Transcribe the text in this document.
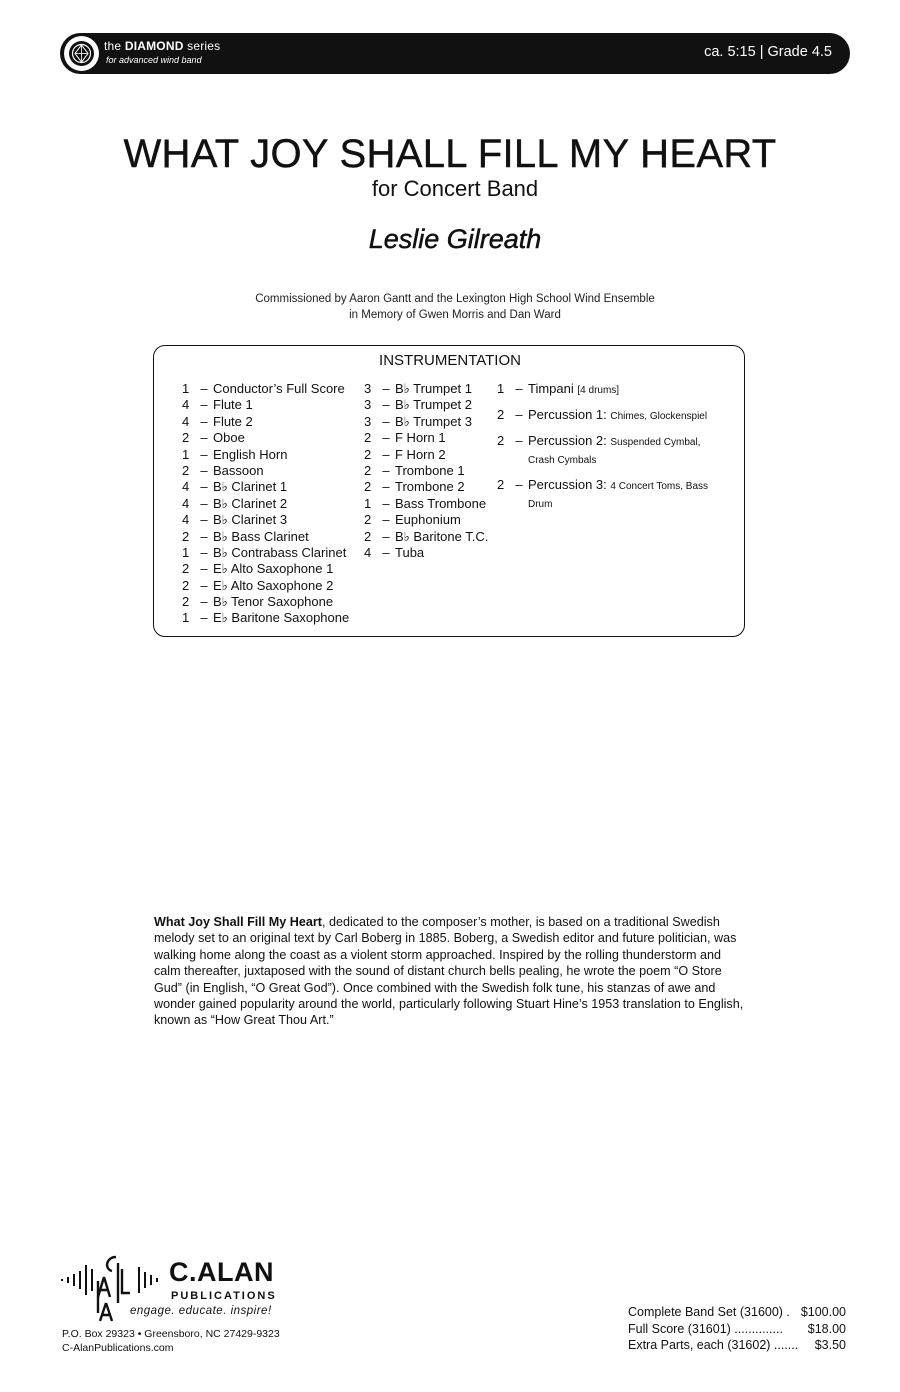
the DIAMOND series
for advanced wind band	ca. 5:15 | Grade 4.5
WHAT JOY SHALL FILL MY HEART
for Concert Band
Leslie Gilreath
Commissioned by Aaron Gantt and the Lexington High School Wind Ensemble
in Memory of Gwen Morris and Dan Ward
INSTRUMENTATION
1 – Conductor’s Full Score
4 – Flute 1
4 – Flute 2
2 – Oboe
1 – English Horn
2 – Bassoon
4 – B♭ Clarinet 1
4 – B♭ Clarinet 2
4 – B♭ Clarinet 3
2 – B♭ Bass Clarinet
1 – B♭ Contrabass Clarinet
2 – E♭ Alto Saxophone 1
2 – E♭ Alto Saxophone 2
2 – B♭ Tenor Saxophone
1 – E♭ Baritone Saxophone
3 – B♭ Trumpet 1
3 – B♭ Trumpet 2
3 – B♭ Trumpet 3
2 – F Horn 1
2 – F Horn 2
2 – Trombone 1
2 – Trombone 2
1 – Bass Trombone
2 – Euphonium
2 – B♭ Baritone T.C.
4 – Tuba
1 – Timpani [4 drums]
2 – Percussion 1: Chimes, Glockenspiel
2 – Percussion 2: Suspended Cymbal, Crash Cymbals
2 – Percussion 3: 4 Concert Toms, Bass Drum

What Joy Shall Fill My Heart, dedicated to the composer’s mother, is based on a traditional Swedish melody set to an original text by Carl Boberg in 1885. Boberg, a Swedish editor and future politician, was walking home along the coast as a violent storm approached. Inspired by the rolling thunderstorm and calm thereafter, juxtaposed with the sound of distant church bells pealing, he wrote the poem “O Store Gud” (in English, “O Great God”). Once combined with the Swedish folk tune, his stanzas of awe and wonder gained popularity around the world, particularly following Stuart Hine’s 1953 translation to English, known as “How Great Thou Art.”

C.ALAN
PUBLICATIONS
engage. educate. inspire!
P.O. Box 29323 • Greensboro, NC 27429-9323
C-AlanPublications.com
Complete Band Set (31600) . $100.00
Full Score (31601) .............. $18.00
Extra Parts, each (31602) ....... $3.50
